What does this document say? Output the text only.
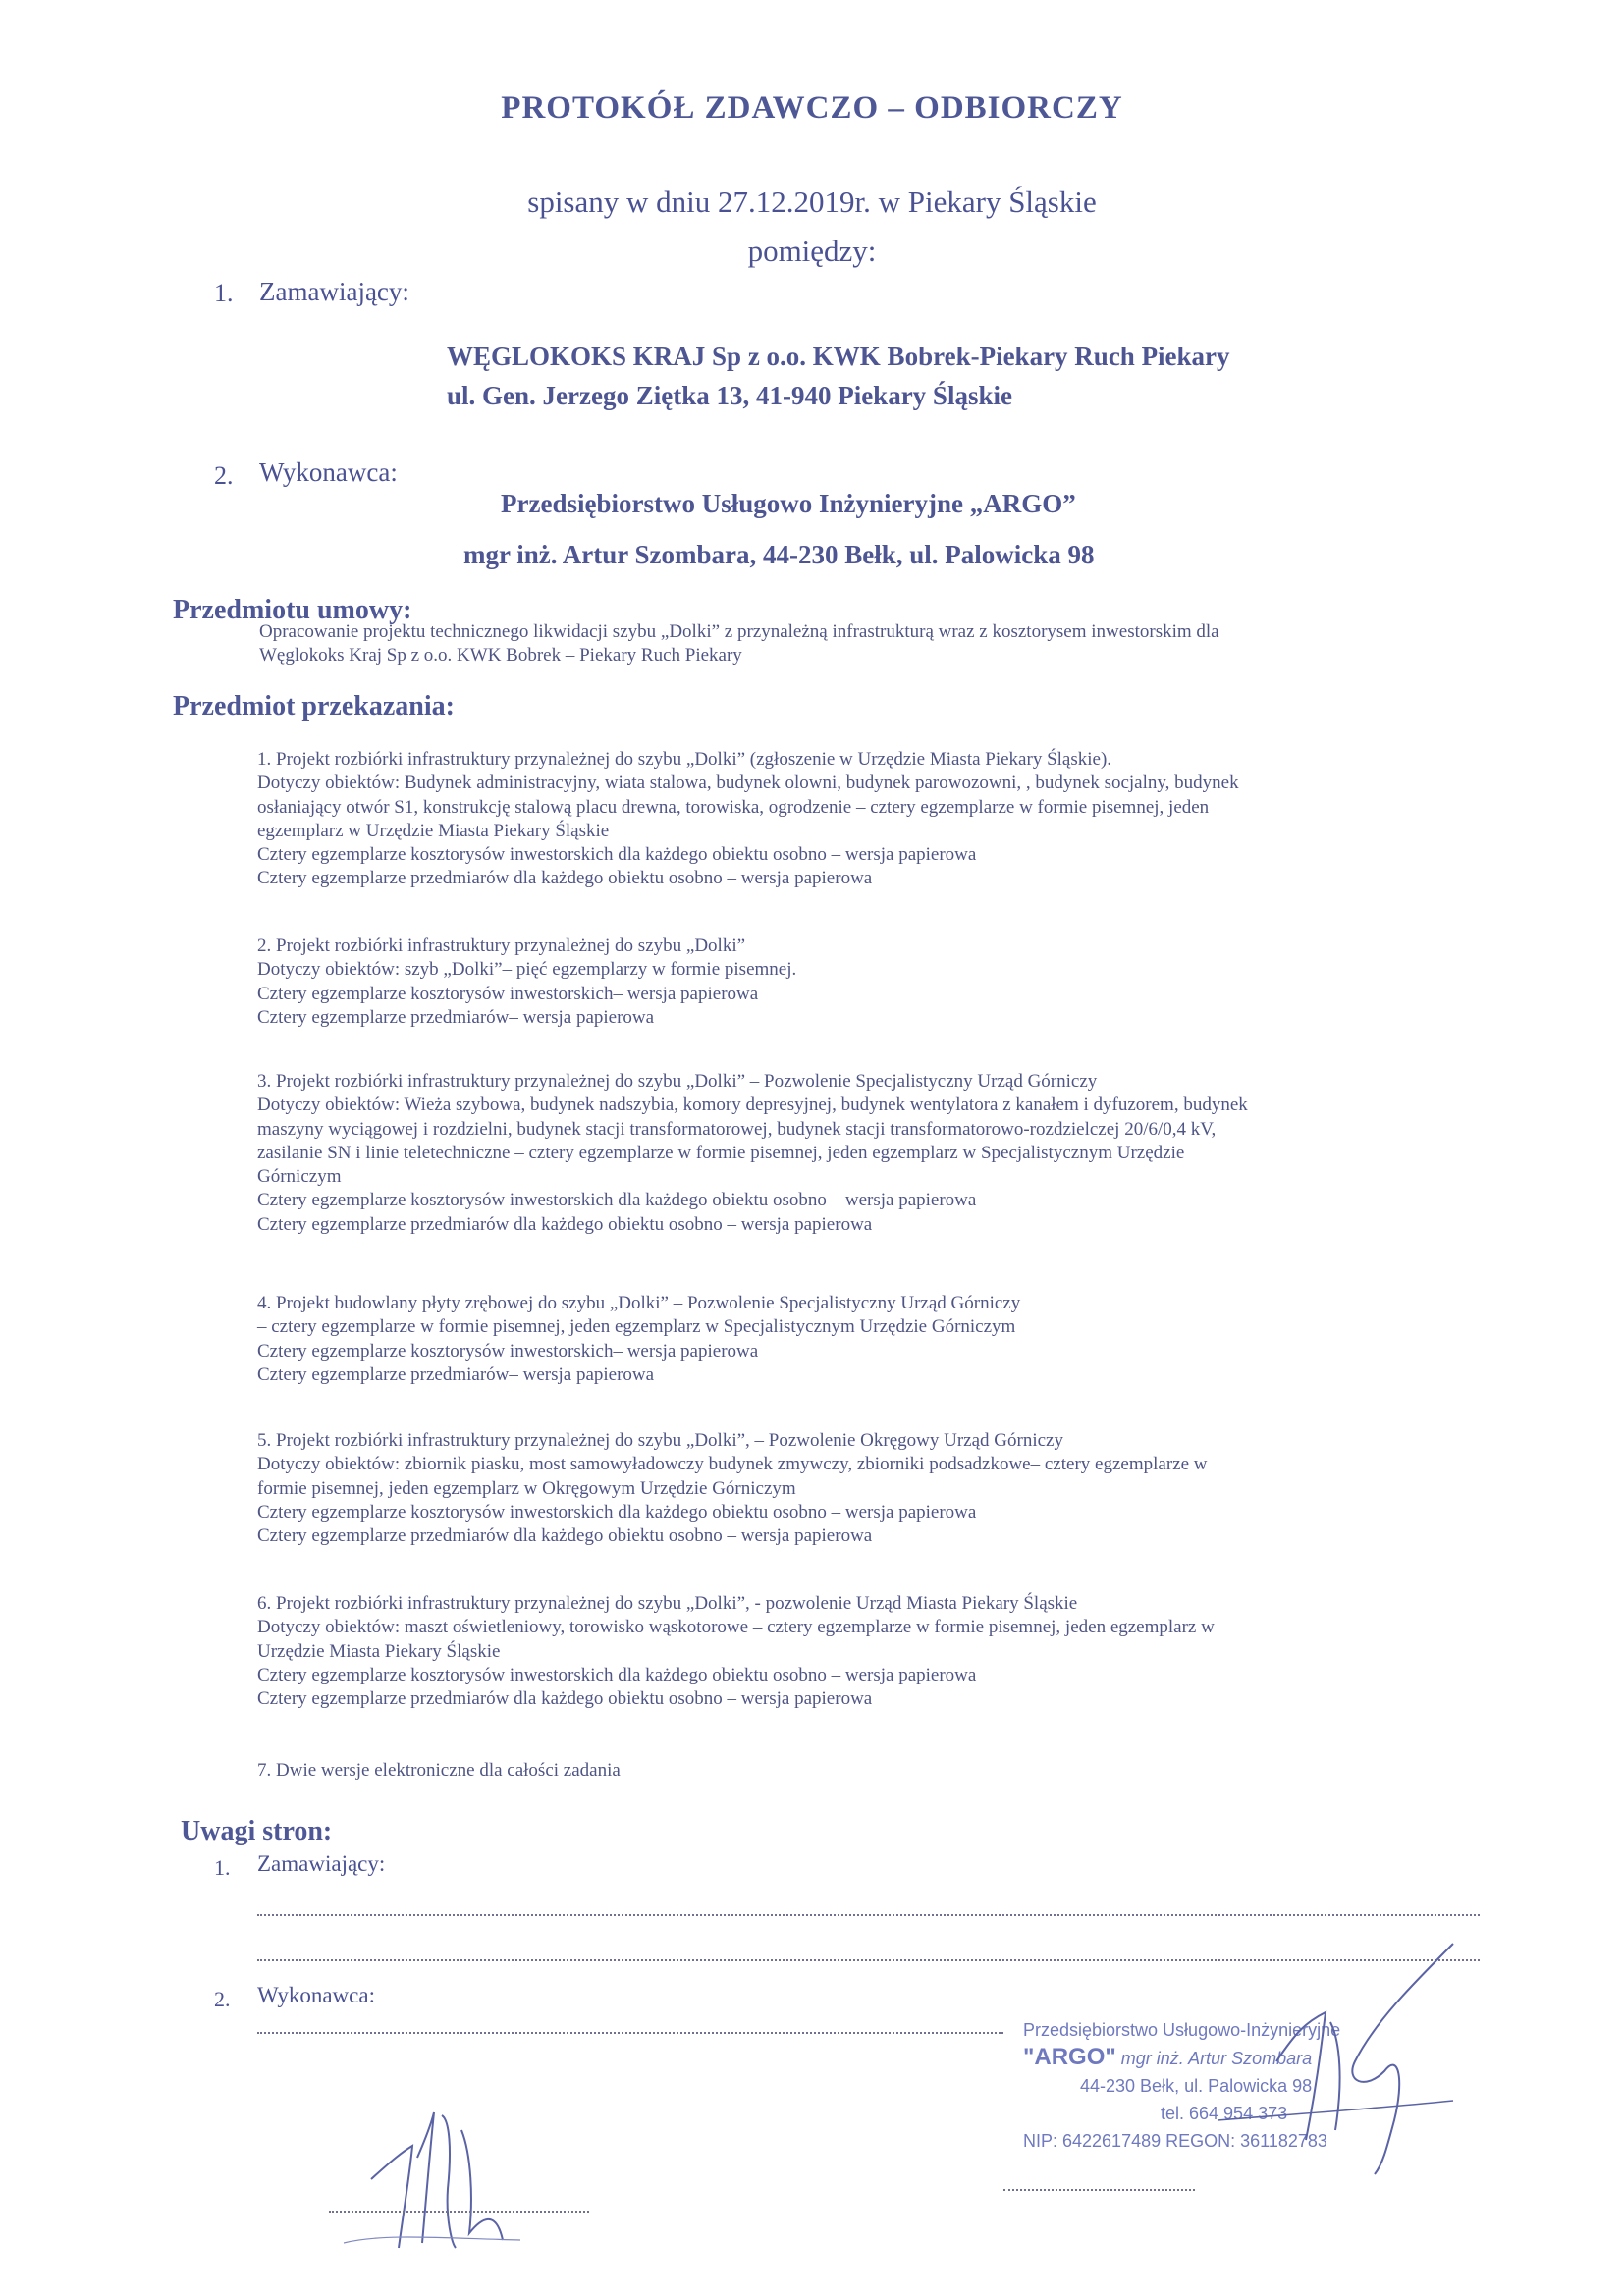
PROTOKÓŁ ZDAWCZO – ODBIORCZY
spisany w dniu 27.12.2019r. w Piekary Śląskie
pomiędzy:
1. Zamawiający:
WĘGLOKOKS KRAJ Sp z o.o. KWK Bobrek-Piekary Ruch Piekary
ul. Gen. Jerzego Ziętka 13, 41-940 Piekary Śląskie
2. Wykonawca:
Przedsiębiorstwo Usługowo Inżynieryjne „ARGO”
mgr inż. Artur Szombara, 44-230 Bełk, ul. Palowicka 98
Przedmiotu umowy:
Opracowanie projektu technicznego likwidacji szybu „Dolki” z przynależną infrastrukturą wraz z kosztorysem inwestorskim dla
Węglokoks Kraj Sp z o.o. KWK Bobrek – Piekary Ruch Piekary
Przedmiot przekazania:
1. Projekt rozbiórki infrastruktury przynależnej do szybu „Dolki” (zgłoszenie w Urzędzie Miasta Piekary Śląskie).
Dotyczy obiektów: Budynek administracyjny, wiata stalowa, budynek olowni, budynek parowozowni, , budynek socjalny, budynek
osłaniający otwór S1, konstrukcję stalową placu drewna, torowiska, ogrodzenie – cztery egzemplarze w formie pisemnej, jeden
egzemplarz w Urzędzie Miasta Piekary Śląskie
Cztery egzemplarze kosztorysów inwestorskich dla każdego obiektu osobno – wersja papierowa
Cztery egzemplarze przedmiarów dla każdego obiektu osobno – wersja papierowa
2. Projekt rozbiórki infrastruktury przynależnej do szybu „Dolki”
Dotyczy obiektów: szyb „Dolki”– pięć egzemplarzy w formie pisemnej.
Cztery egzemplarze kosztorysów inwestorskich– wersja papierowa
Cztery egzemplarze przedmiarów– wersja papierowa
3. Projekt rozbiórki infrastruktury przynależnej do szybu „Dolki” – Pozwolenie Specjalistyczny Urząd Górniczy
Dotyczy obiektów: Wieża szybowa, budynek nadszybia, komory depresyjnej, budynek wentylatora z kanałem i dyfuzorem, budynek
maszyny wyciągowej i rozdzielni, budynek stacji transformatorowej, budynek stacji transformatorowo-rozdzielczej 20/6/0,4 kV,
zasilanie SN i linie teletechniczne – cztery egzemplarze w formie pisemnej, jeden egzemplarz w Specjalistycznym Urzędzie
Górniczym
Cztery egzemplarze kosztorysów inwestorskich dla każdego obiektu osobno – wersja papierowa
Cztery egzemplarze przedmiarów dla każdego obiektu osobno – wersja papierowa
4. Projekt budowlany płyty zrębowej do szybu „Dolki” – Pozwolenie Specjalistyczny Urząd Górniczy
– cztery egzemplarze w formie pisemnej, jeden egzemplarz w Specjalistycznym Urzędzie Górniczym
Cztery egzemplarze kosztorysów inwestorskich– wersja papierowa
Cztery egzemplarze przedmiarów– wersja papierowa
5. Projekt rozbiórki infrastruktury przynależnej do szybu „Dolki”, – Pozwolenie Okręgowy Urząd Górniczy
Dotyczy obiektów: zbiornik piasku, most samowyładowczy budynek zmywczy, zbiorniki podsadzkowe– cztery egzemplarze w
formie pisemnej, jeden egzemplarz w Okręgowym Urzędzie Górniczym
Cztery egzemplarze kosztorysów inwestorskich dla każdego obiektu osobno – wersja papierowa
Cztery egzemplarze przedmiarów dla każdego obiektu osobno – wersja papierowa
6. Projekt rozbiórki infrastruktury przynależnej do szybu „Dolki”, - pozwolenie Urząd Miasta Piekary Śląskie
Dotyczy obiektów: maszt oświetleniowy, torowisko wąskotorowe – cztery egzemplarze w formie pisemnej, jeden egzemplarz w
Urzędzie Miasta Piekary Śląskie
Cztery egzemplarze kosztorysów inwestorskich dla każdego obiektu osobno – wersja papierowa
Cztery egzemplarze przedmiarów dla każdego obiektu osobno – wersja papierowa
7. Dwie wersje elektroniczne dla całości zadania
Uwagi stron:
1. Zamawiający:
2. Wykonawca:
Przedsiębiorstwo Usługowo-Inżynieryjne
"ARGO" mgr inż. Artur Szombara
44-230 Bełk, ul. Palowicka 98
tel. 664 954 373
NIP: 6422617489 REGON: 361182783
